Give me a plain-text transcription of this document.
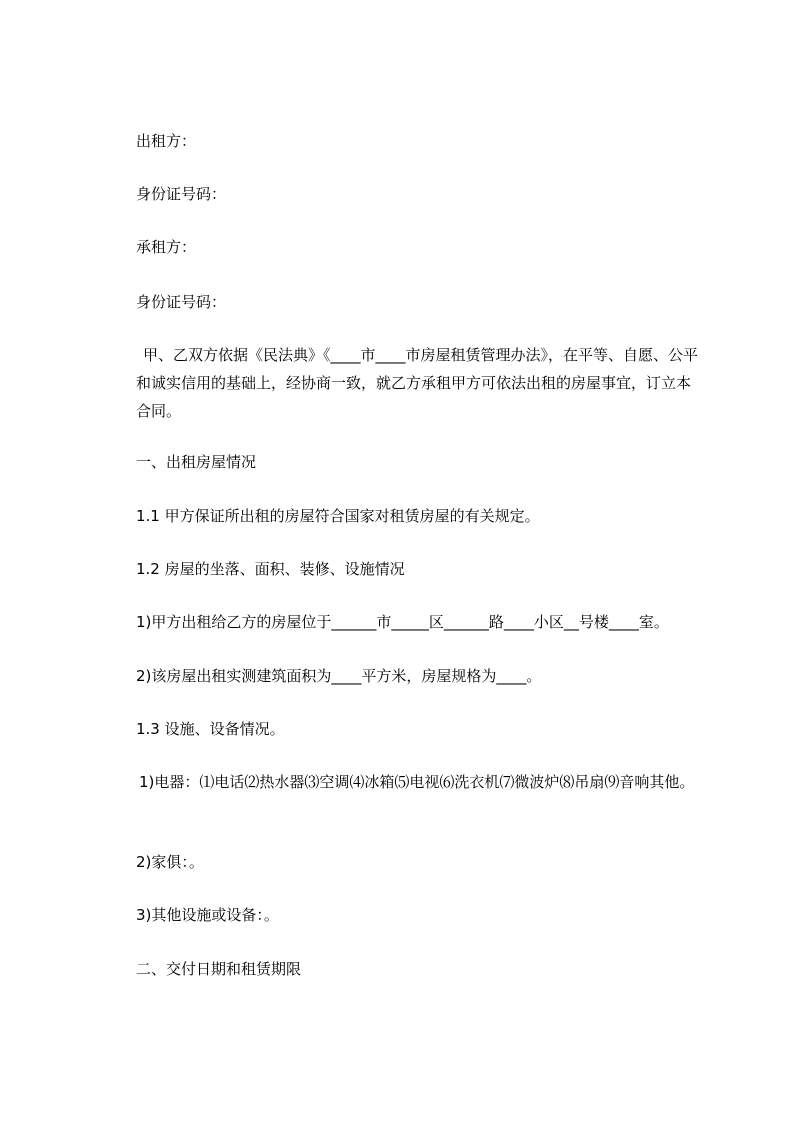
出租方：

身份证号码：

承租方：

身份证号码：

甲、乙双方依据《民法典》《____市____市房屋租赁管理办法》，在平等、自愿、公平和诚实信用的基础上，经协商一致，就乙方承租甲方可依法出租的房屋事宜，订立本合同。

一、出租房屋情况

1.1 甲方保证所出租的房屋符合国家对租赁房屋的有关规定。

1.2 房屋的坐落、面积、装修、设施情况

1)甲方出租给乙方的房屋位于______市_____区______路____小区__号楼____室。

2)该房屋出租实测建筑面积为____平方米，房屋规格为____。

1.3 设施、设备情况。

1)电器：⑴电话⑵热水器⑶空调⑷冰箱⑸电视⑹洗衣机⑺微波炉⑻吊扇⑼音响其他。

2)家俱：。

3)其他设施或设备：。

二、交付日期和租赁期限
